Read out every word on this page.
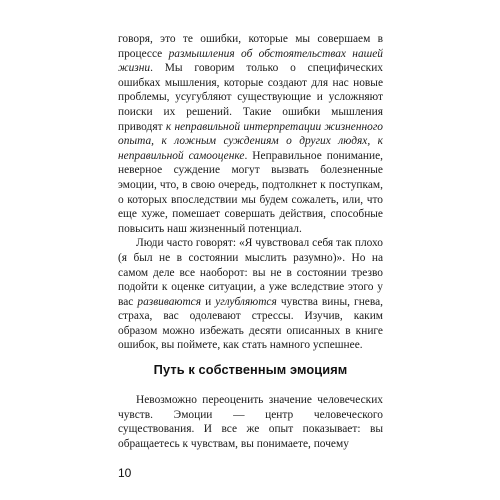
говоря, это те ошибки, которые мы совершаем в процессе размышления об обстоятельствах нашей жизни. Мы говорим только о специфических ошибках мышления, которые создают для нас новые проблемы, усугубляют существующие и усложняют поиски их решений. Такие ошибки мышления приводят к неправильной интерпретации жизненного опыта, к ложным суждениям о других людях, к неправильной самооценке. Неправильное понимание, неверное суждение могут вызвать болезненные эмоции, что, в свою очередь, подтолкнет к поступкам, о которых впоследствии мы будем сожалеть, или, что еще хуже, помешает совершать действия, способные повысить наш жизненный потенциал.

Люди часто говорят: «Я чувствовал себя так плохо (я был не в состоянии мыслить разумно)». Но на самом деле все наоборот: вы не в состоянии трезво подойти к оценке ситуации, а уже вследствие этого у вас развиваются и углубляются чувства вины, гнева, страха, вас одолевают стрессы. Изучив, каким образом можно избежать десяти описанных в книге ошибок, вы поймете, как стать намного успешнее.

Путь к собственным эмоциям

Невозможно переоценить значение человеческих чувств. Эмоции — центр человеческого существования. И все же опыт показывает: вы обращаетесь к чувствам, вы понимаете, почему

10
